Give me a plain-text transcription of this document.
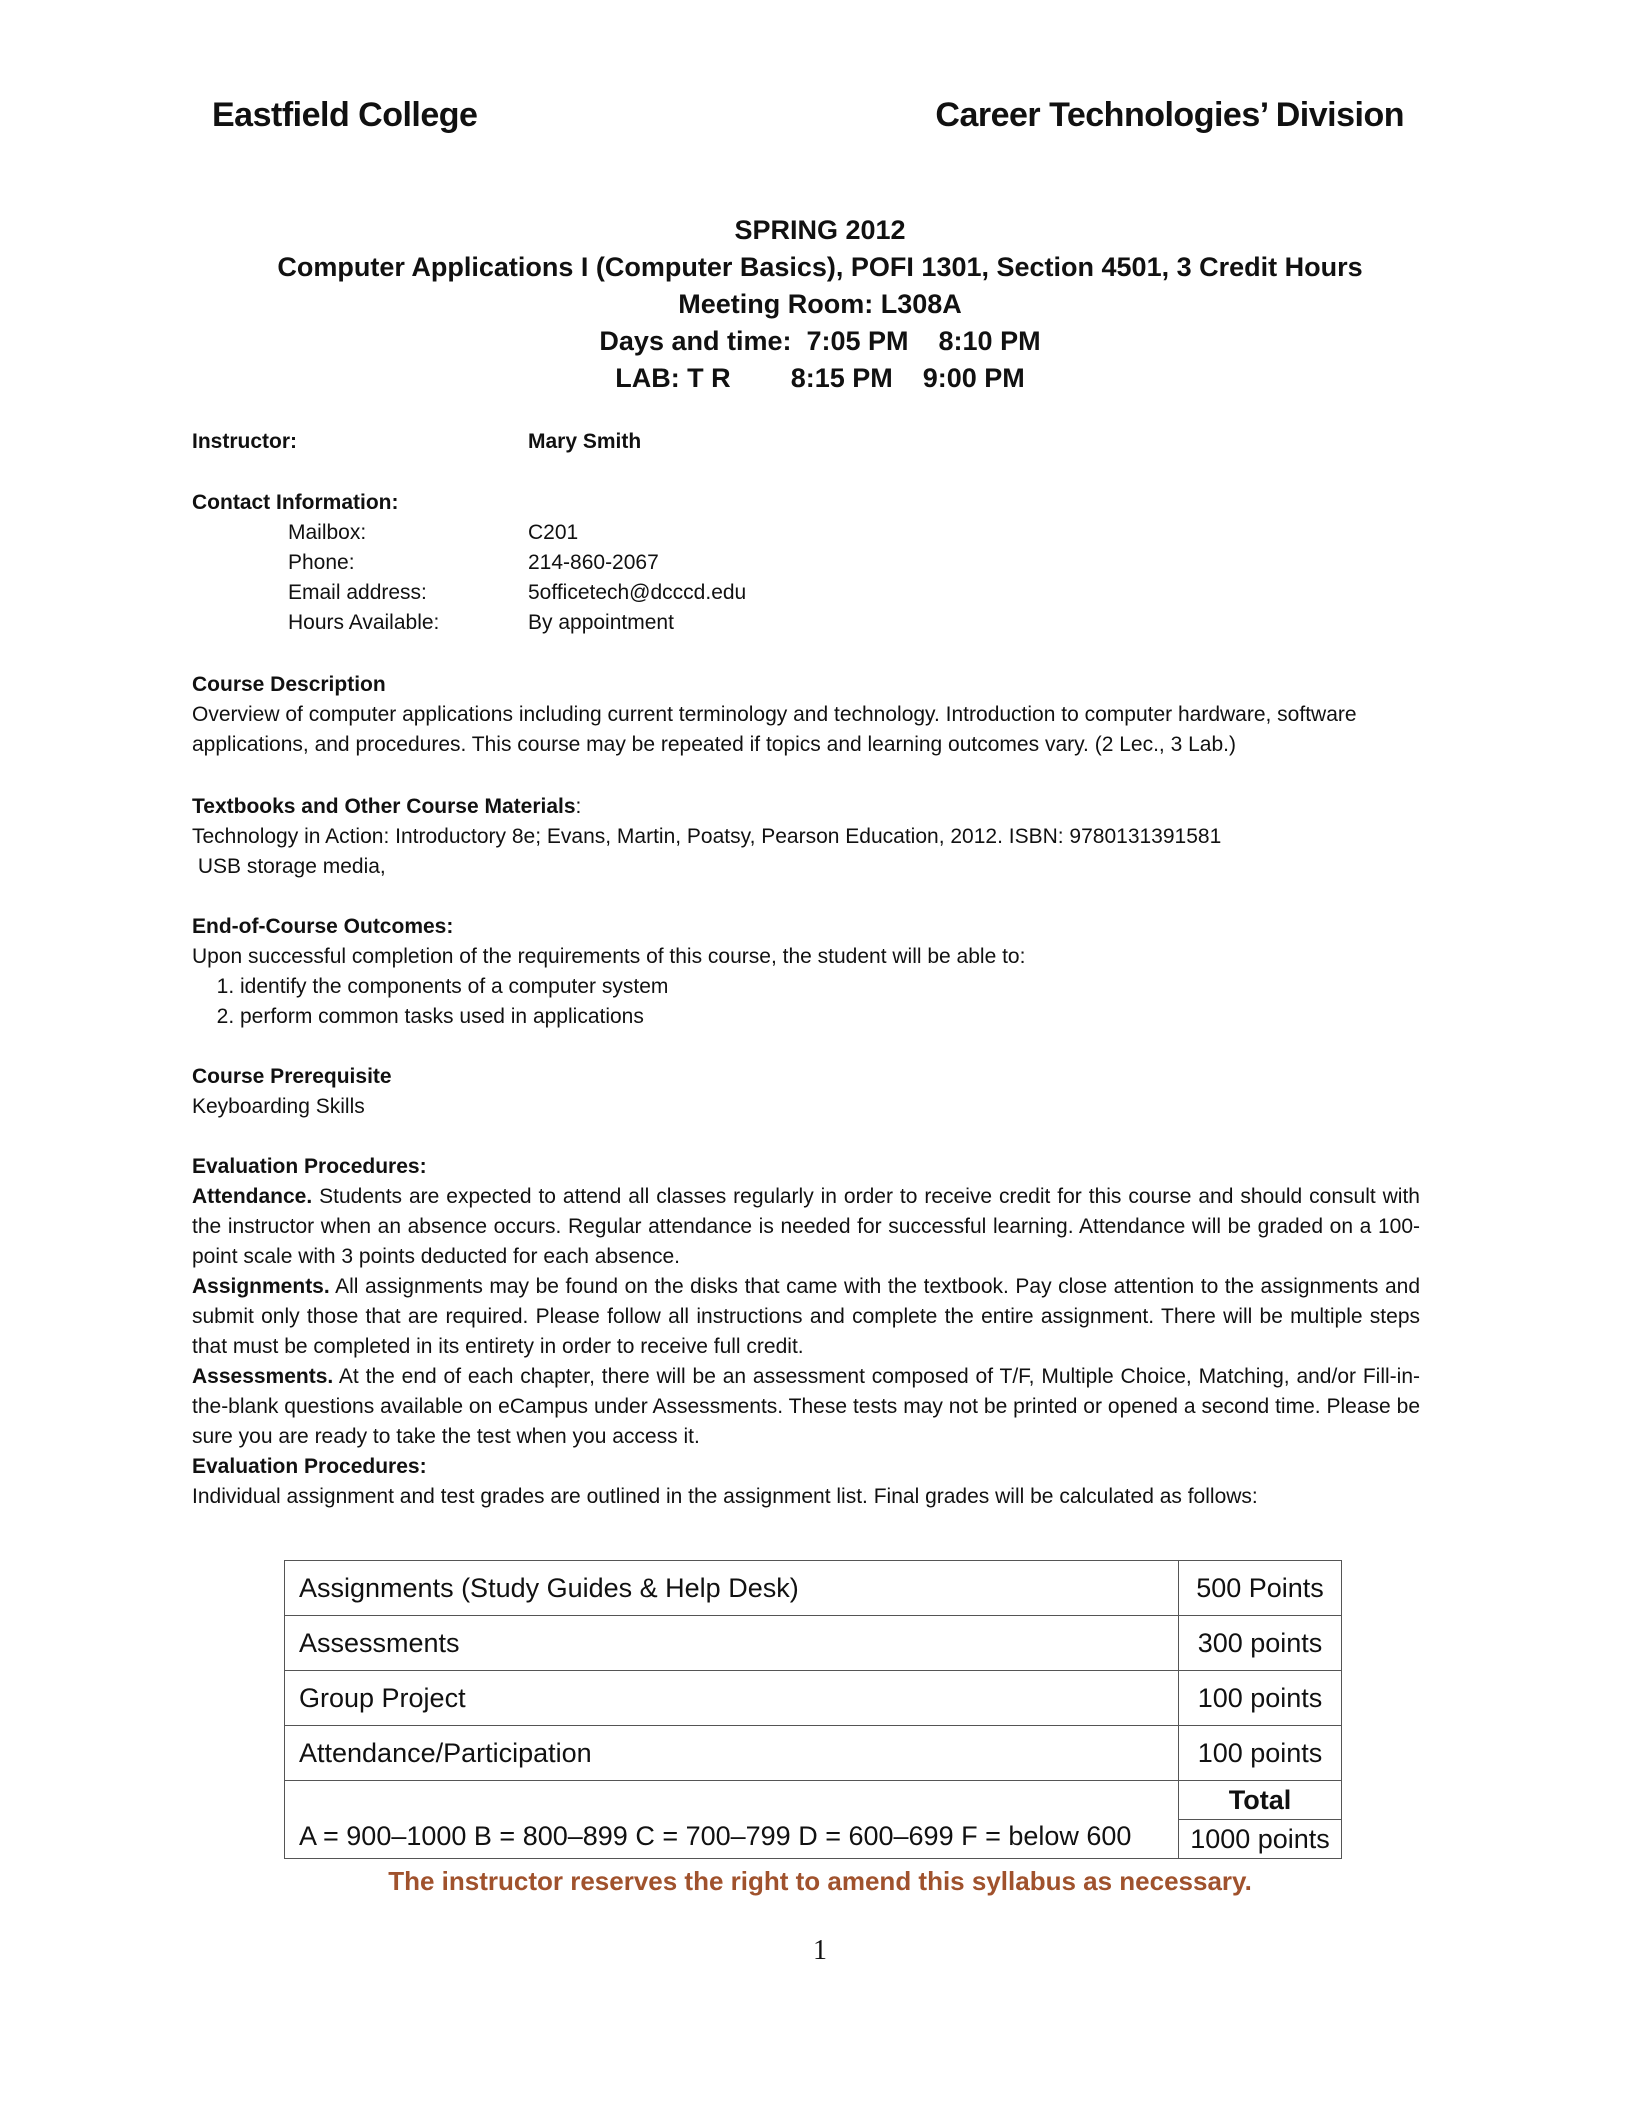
Eastfield College	Career Technologies’ Division
SPRING 2012
Computer Applications I (Computer Basics), POFI 1301, Section 4501, 3 Credit Hours
Meeting Room: L308A
Days and time:  7:05 PM    8:10 PM
LAB: T R        8:15 PM    9:00 PM
Instructor:	Mary Smith
Contact Information:
Mailbox:	C201
Phone:	214-860-2067
Email address:	5officetech@dcccd.edu
Hours Available:	By appointment
Course Description
Overview of computer applications including current terminology and technology. Introduction to computer hardware, software applications, and procedures. This course may be repeated if topics and learning outcomes vary. (2 Lec., 3 Lab.)
Textbooks and Other Course Materials:
Technology in Action: Introductory 8e; Evans, Martin, Poatsy, Pearson Education, 2012. ISBN: 9780131391581
USB storage media,
End-of-Course Outcomes:
Upon successful completion of the requirements of this course, the student will be able to:
1. identify the components of a computer system
2. perform common tasks used in applications
Course Prerequisite
Keyboarding Skills
Evaluation Procedures:
Attendance. Students are expected to attend all classes regularly in order to receive credit for this course and should consult with the instructor when an absence occurs. Regular attendance is needed for successful learning. Attendance will be graded on a 100-point scale with 3 points deducted for each absence.
Assignments. All assignments may be found on the disks that came with the textbook. Pay close attention to the assignments and submit only those that are required. Please follow all instructions and complete the entire assignment. There will be multiple steps that must be completed in its entirety in order to receive full credit.
Assessments. At the end of each chapter, there will be an assessment composed of T/F, Multiple Choice, Matching, and/or Fill-in-the-blank questions available on eCampus under Assessments. These tests may not be printed or opened a second time. Please be sure you are ready to take the test when you access it.
Evaluation Procedures:
Individual assignment and test grades are outlined in the assignment list. Final grades will be calculated as follows:
Assignments (Study Guides & Help Desk)	500 Points
Assessments	300 points
Group Project	100 points
Attendance/Participation	100 points
A = 900–1000 B = 800–899 C = 700–799 D = 600–699 F = below 600	Total
	1000 points
The instructor reserves the right to amend this syllabus as necessary.
1
